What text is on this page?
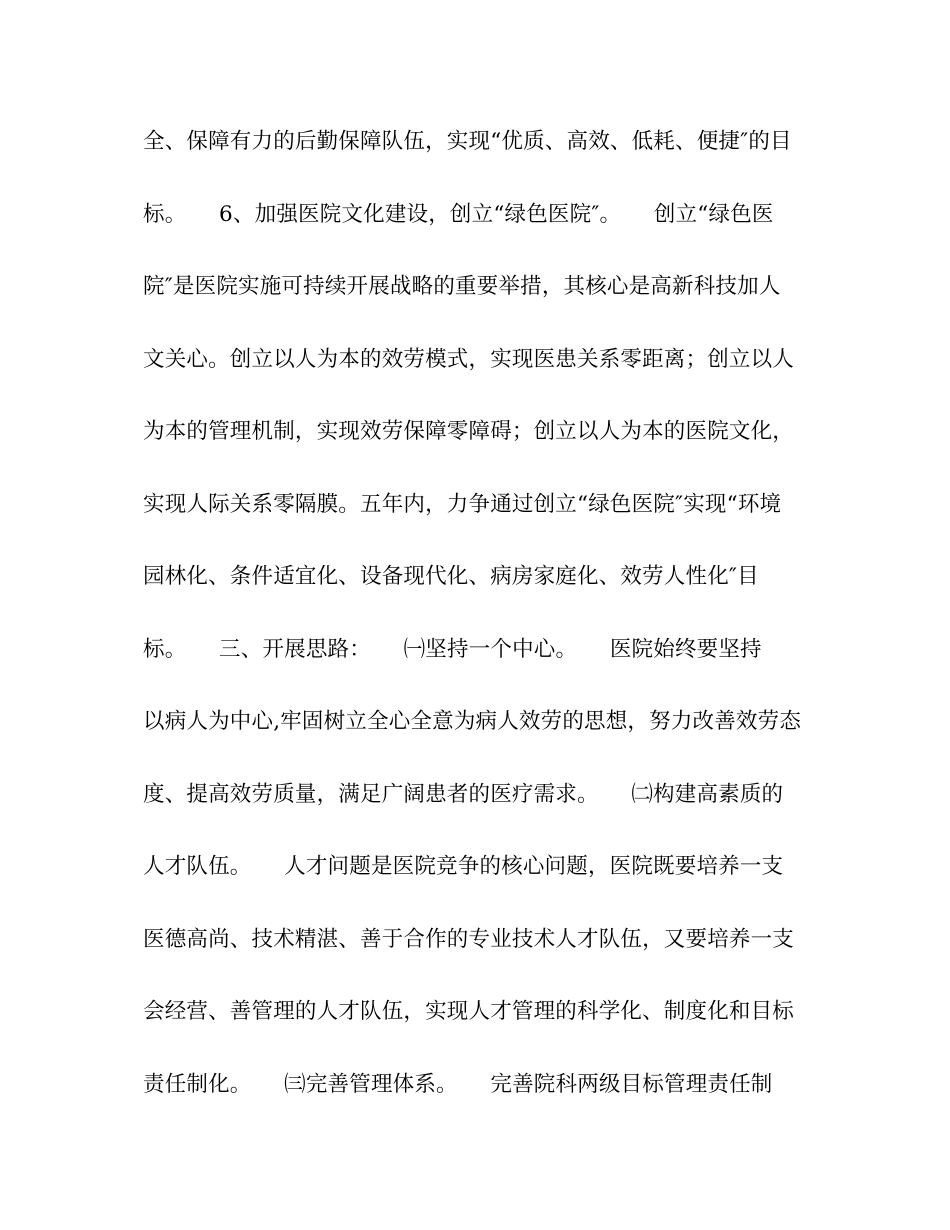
全、保障有力的后勤保障队伍，实现“优质、高效、低耗、便捷″的目
标。　　6、加强医院文化建设，创立“绿色医院″。　　创立“绿色医
院″是医院实施可持续开展战略的重要举措，其核心是高新科技加人
文关心。创立以人为本的效劳模式，实现医患关系零距离；创立以人
为本的管理机制，实现效劳保障零障碍；创立以人为本的医院文化，
实现人际关系零隔膜。五年内，力争通过创立“绿色医院″实现“环境
园林化、条件适宜化、设备现代化、病房家庭化、效劳人性化″目
标。　　三、开展思路：　　㈠坚持一个中心。　　医院始终要坚持
以病人为中心,牢固树立全心全意为病人效劳的思想，努力改善效劳态
度、提高效劳质量，满足广阔患者的医疗需求。　　㈡构建高素质的
人才队伍。　　人才问题是医院竞争的核心问题，医院既要培养一支
医德高尚、技术精湛、善于合作的专业技术人才队伍，又要培养一支
会经营、善管理的人才队伍，实现人才管理的科学化、制度化和目标
责任制化。　　㈢完善管理体系。　　完善院科两级目标管理责任制
